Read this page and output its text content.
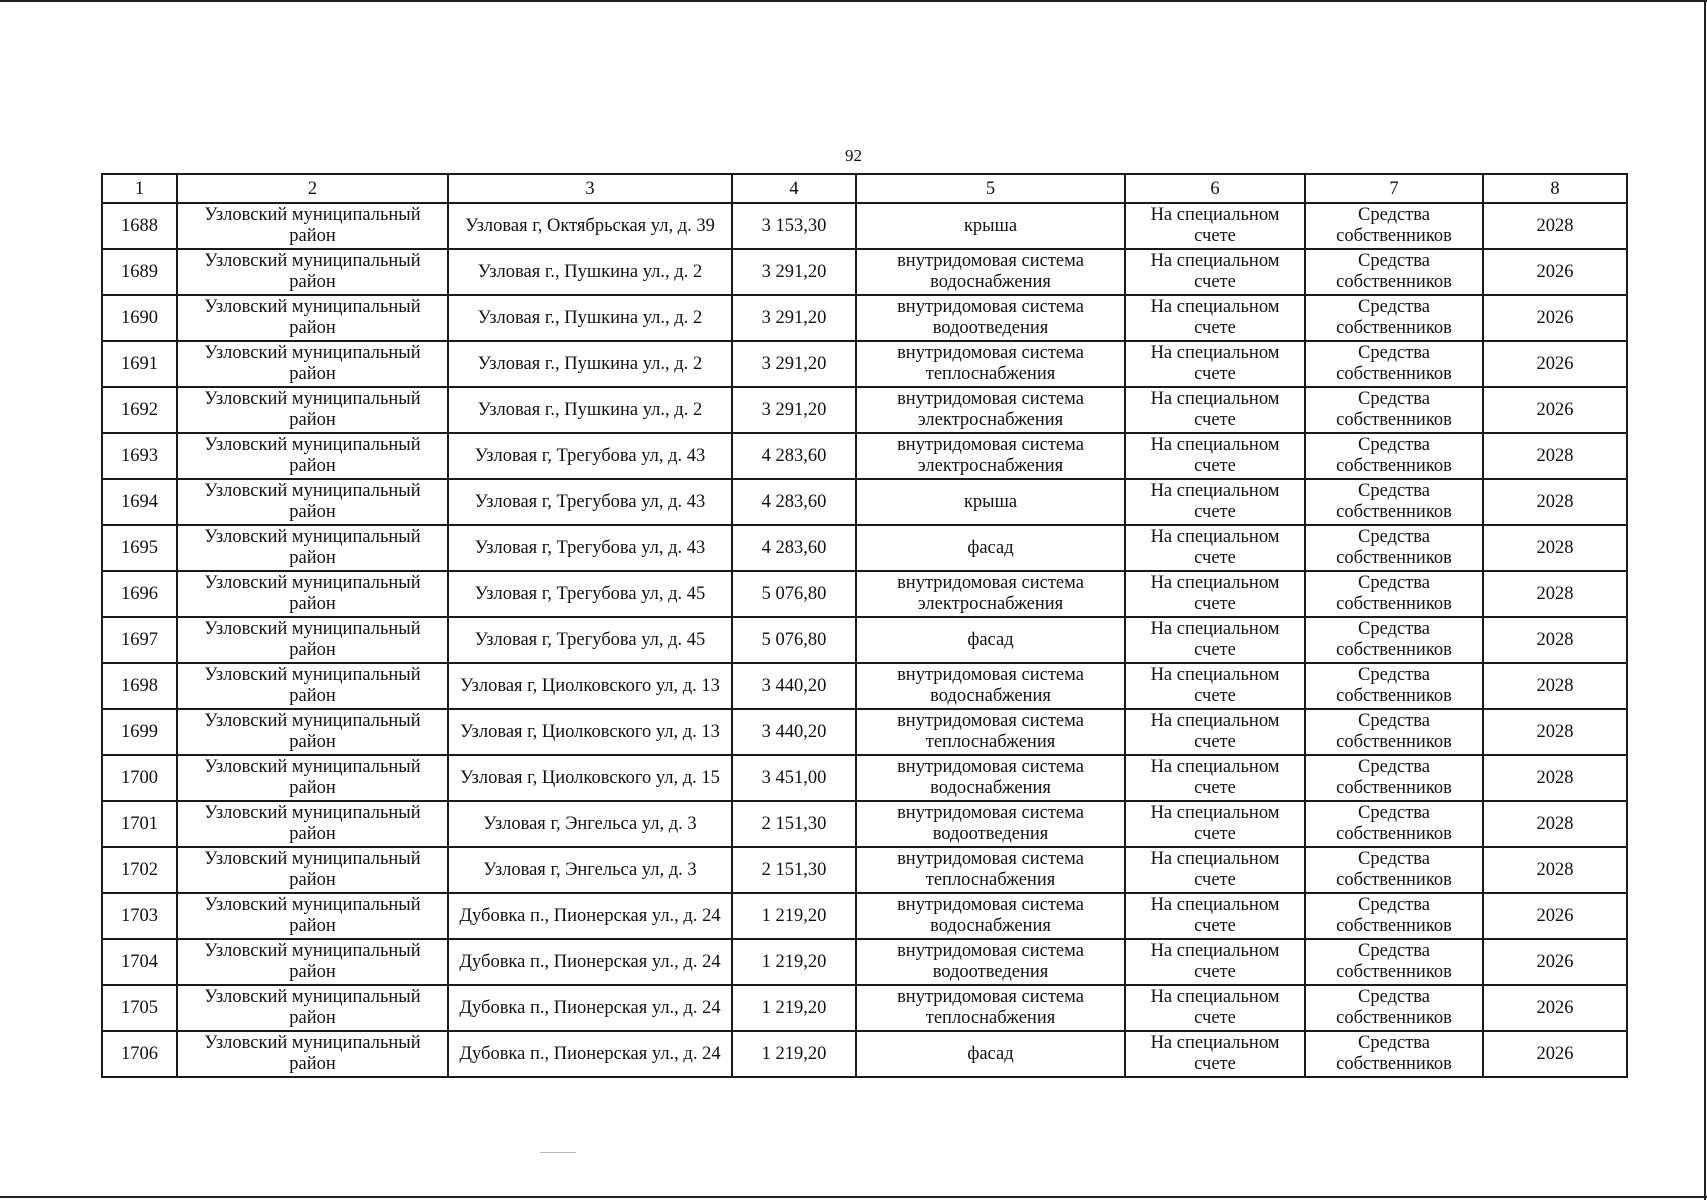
92
1	2	3	4	5	6	7	8
1688	Узловский муниципальный район	Узловая г, Октябрьская ул, д. 39	3 153,30	крыша	На специальном счете	Средства собственников	2028
1689	Узловский муниципальный район	Узловая г., Пушкина ул., д. 2	3 291,20	внутридомовая система водоснабжения	На специальном счете	Средства собственников	2026
1690	Узловский муниципальный район	Узловая г., Пушкина ул., д. 2	3 291,20	внутридомовая система водоотведения	На специальном счете	Средства собственников	2026
1691	Узловский муниципальный район	Узловая г., Пушкина ул., д. 2	3 291,20	внутридомовая система теплоснабжения	На специальном счете	Средства собственников	2026
1692	Узловский муниципальный район	Узловая г., Пушкина ул., д. 2	3 291,20	внутридомовая система электроснабжения	На специальном счете	Средства собственников	2026
1693	Узловский муниципальный район	Узловая г, Трегубова ул, д. 43	4 283,60	внутридомовая система электроснабжения	На специальном счете	Средства собственников	2028
1694	Узловский муниципальный район	Узловая г, Трегубова ул, д. 43	4 283,60	крыша	На специальном счете	Средства собственников	2028
1695	Узловский муниципальный район	Узловая г, Трегубова ул, д. 43	4 283,60	фасад	На специальном счете	Средства собственников	2028
1696	Узловский муниципальный район	Узловая г, Трегубова ул, д. 45	5 076,80	внутридомовая система электроснабжения	На специальном счете	Средства собственников	2028
1697	Узловский муниципальный район	Узловая г, Трегубова ул, д. 45	5 076,80	фасад	На специальном счете	Средства собственников	2028
1698	Узловский муниципальный район	Узловая г, Циолковского ул, д. 13	3 440,20	внутридомовая система водоснабжения	На специальном счете	Средства собственников	2028
1699	Узловский муниципальный район	Узловая г, Циолковского ул, д. 13	3 440,20	внутридомовая система теплоснабжения	На специальном счете	Средства собственников	2028
1700	Узловский муниципальный район	Узловая г, Циолковского ул, д. 15	3 451,00	внутридомовая система водоснабжения	На специальном счете	Средства собственников	2028
1701	Узловский муниципальный район	Узловая г, Энгельса ул, д. 3	2 151,30	внутридомовая система водоотведения	На специальном счете	Средства собственников	2028
1702	Узловский муниципальный район	Узловая г, Энгельса ул, д. 3	2 151,30	внутридомовая система теплоснабжения	На специальном счете	Средства собственников	2028
1703	Узловский муниципальный район	Дубовка п., Пионерская ул., д. 24	1 219,20	внутридомовая система водоснабжения	На специальном счете	Средства собственников	2026
1704	Узловский муниципальный район	Дубовка п., Пионерская ул., д. 24	1 219,20	внутридомовая система водоотведения	На специальном счете	Средства собственников	2026
1705	Узловский муниципальный район	Дубовка п., Пионерская ул., д. 24	1 219,20	внутридомовая система теплоснабжения	На специальном счете	Средства собственников	2026
1706	Узловский муниципальный район	Дубовка п., Пионерская ул., д. 24	1 219,20	фасад	На специальном счете	Средства собственников	2026
